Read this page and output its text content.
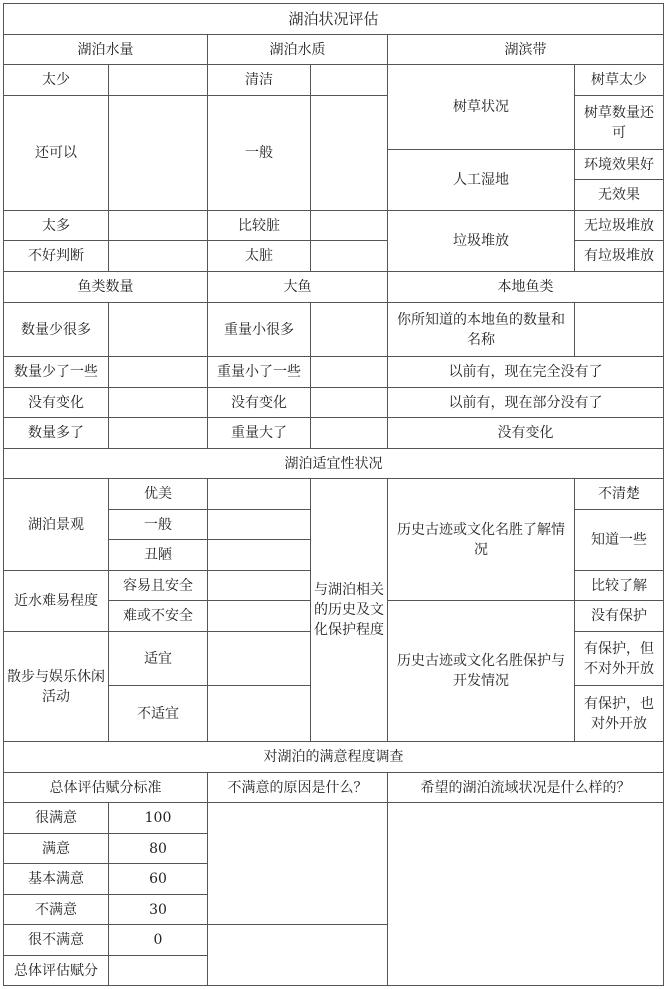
湖泊状况评估					
湖泊水量		湖泊水质		湖滨带	
太少		清洁		树草状况	树草太少
还可以		一般			树草数量还可
				人工湿地	环境效果好
					无效果
太多		比较脏		垃圾堆放	无垃圾堆放
不好判断		太脏			有垃圾堆放
鱼类数量		大鱼		本地鱼类	
数量少很多		重量小很多		你所知道的本地鱼的数量和名称	
数量少了一些		重量小了一些		以前有，现在完全没有了	
没有变化		没有变化		以前有，现在部分没有了	
数量多了		重量大了		没有变化	
湖泊适宜性状况					
湖泊景观	优美		与湖泊相关的历史及文化保护程度	历史古迹或文化名胜了解情况	不清楚
	一般				知道一些
	丑陋				
近水难易程度	容易且安全				比较了解
	难或不安全			历史古迹或文化名胜保护与开发情况	没有保护
散步与娱乐休闲活动	适宜				有保护，但不对外开放
	不适宜				有保护，也对外开放

对湖泊的满意程度调查					
总体评估赋分标准		不满意的原因是什么？		希望的湖泊流域状况是什么样的？	
很满意	100				
满意	80				
基本满意	60				
不满意	30				
很不满意	0				
总体评估赋分					
